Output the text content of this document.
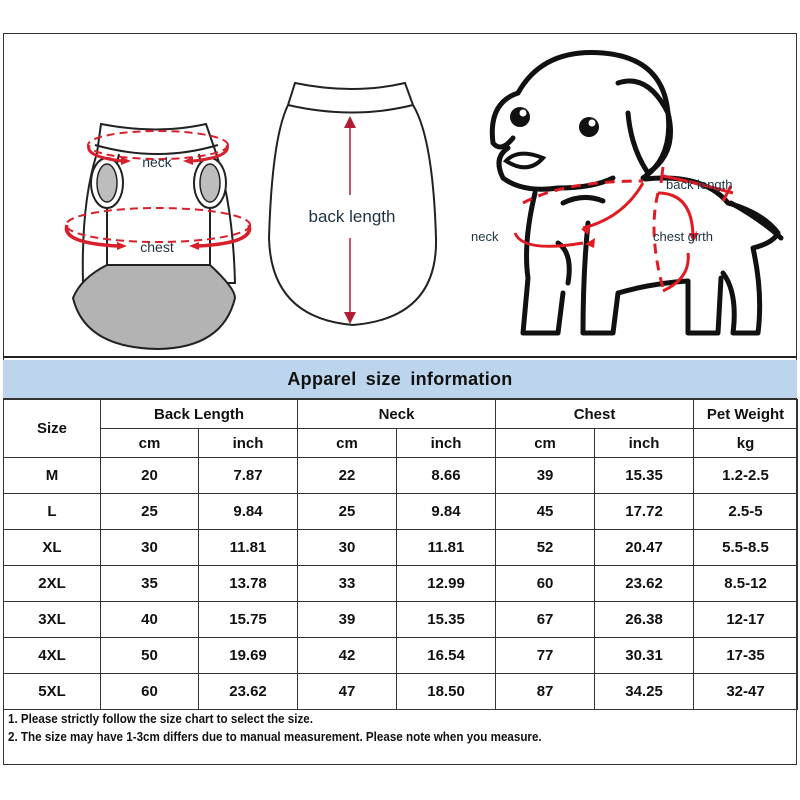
neck
chest
back length
back length
neck	chest girth
Apparel size information
Size	Back Length		Neck		Chest		Pet Weight
	cm	inch	cm	inch	cm	inch	kg
M	20	7.87	22	8.66	39	15.35	1.2-2.5
L	25	9.84	25	9.84	45	17.72	2.5-5
XL	30	11.81	30	11.81	52	20.47	5.5-8.5
2XL	35	13.78	33	12.99	60	23.62	8.5-12
3XL	40	15.75	39	15.35	67	26.38	12-17
4XL	50	19.69	42	16.54	77	30.31	17-35
5XL	60	23.62	47	18.50	87	34.25	32-47
1. Please strictly follow the size chart to select the size.
2. The size may have 1-3cm differs due to manual measurement. Please note when you measure.
